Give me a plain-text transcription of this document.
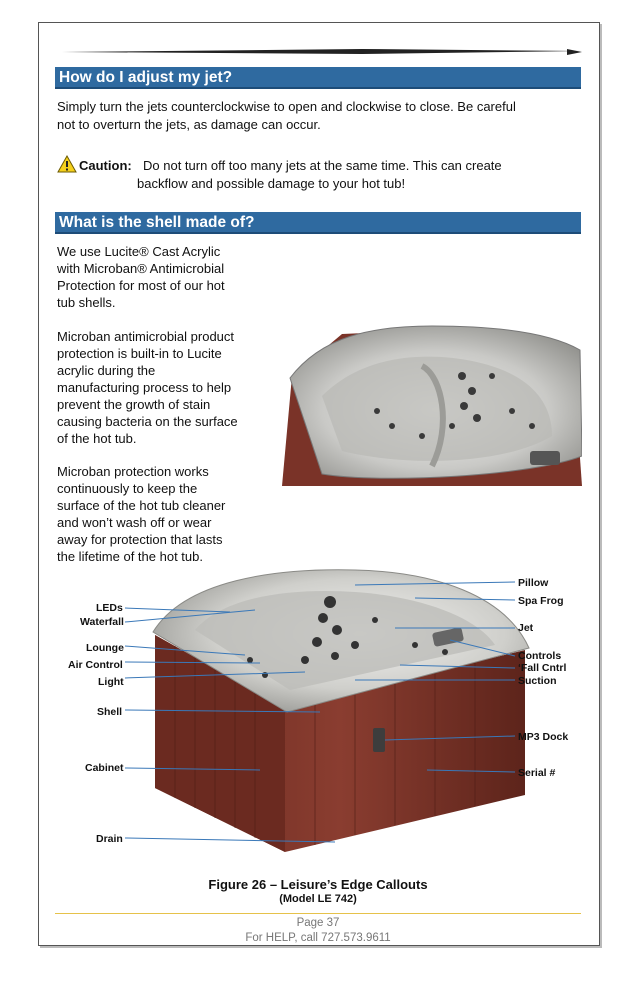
How do I adjust my jet?
Simply turn the jets counterclockwise to open and clockwise to close. Be careful
not to overturn the jets, as damage can occur.
Caution: Do not turn off too many jets at the same time. This can create
backflow and possible damage to your hot tub!
What is the shell made of?
We use Lucite® Cast Acrylic
with Microban® Antimicrobial
Protection for most of our hot
tub shells.
Microban antimicrobial product
protection is built-in to Lucite
acrylic during the
manufacturing process to help
prevent the growth of stain
causing bacteria on the surface
of the hot tub.
Microban protection works
continuously to keep the
surface of the hot tub cleaner
and won’t wash off or wear
away for protection that lasts
the lifetime of the hot tub.
LEDs
Waterfall
Lounge
Air Control
Light
Shell
Cabinet
Drain
Pillow
Spa Frog
Jet
Controls
‘Fall Cntrl
Suction
MP3 Dock
Serial #
Figure 26 – Leisure’s Edge Callouts
(Model LE 742)
Page 37
For HELP, call 727.573.9611
